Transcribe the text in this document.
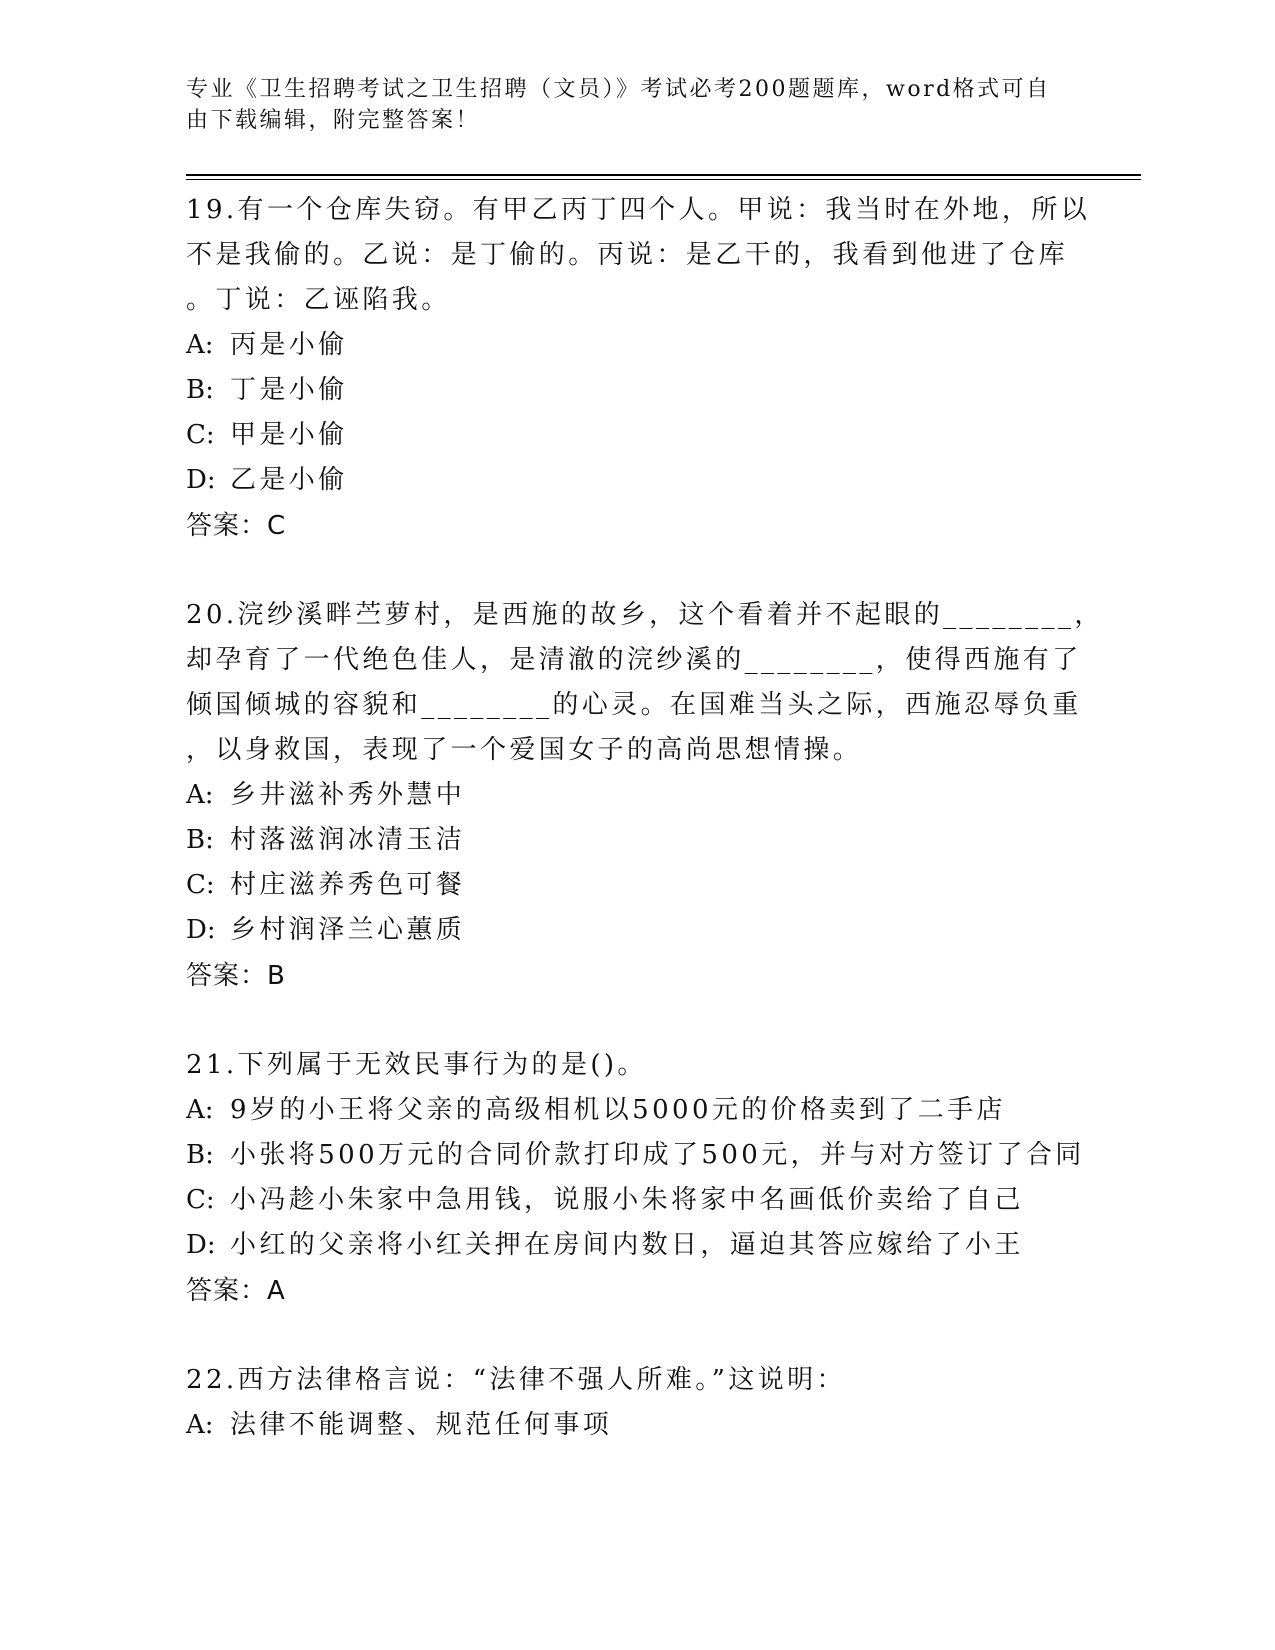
专业《卫生招聘考试之卫生招聘（文员）》考试必考200题题库，word格式可自
由下载编辑，附完整答案！
19.有一个仓库失窃。有甲乙丙丁四个人。甲说：我当时在外地，所以
不是我偷的。乙说：是丁偷的。丙说：是乙干的，我看到他进了仓库
。丁说：乙诬陷我。
A: 丙是小偷
B: 丁是小偷
C: 甲是小偷
D: 乙是小偷
答案：C
20.浣纱溪畔苎萝村，是西施的故乡，这个看着并不起眼的________，
却孕育了一代绝色佳人，是清澈的浣纱溪的________，使得西施有了
倾国倾城的容貌和________的心灵。在国难当头之际，西施忍辱负重
，以身救国，表现了一个爱国女子的高尚思想情操。
A: 乡井滋补秀外慧中
B: 村落滋润冰清玉洁
C: 村庄滋养秀色可餐
D: 乡村润泽兰心蕙质
答案：B
21.下列属于无效民事行为的是()。
A: 9岁的小王将父亲的高级相机以5000元的价格卖到了二手店
B: 小张将500万元的合同价款打印成了500元，并与对方签订了合同
C: 小冯趁小朱家中急用钱，说服小朱将家中名画低价卖给了自己
D: 小红的父亲将小红关押在房间内数日，逼迫其答应嫁给了小王
答案：A
22.西方法律格言说：“法律不强人所难。”这说明：
A: 法律不能调整、规范任何事项
